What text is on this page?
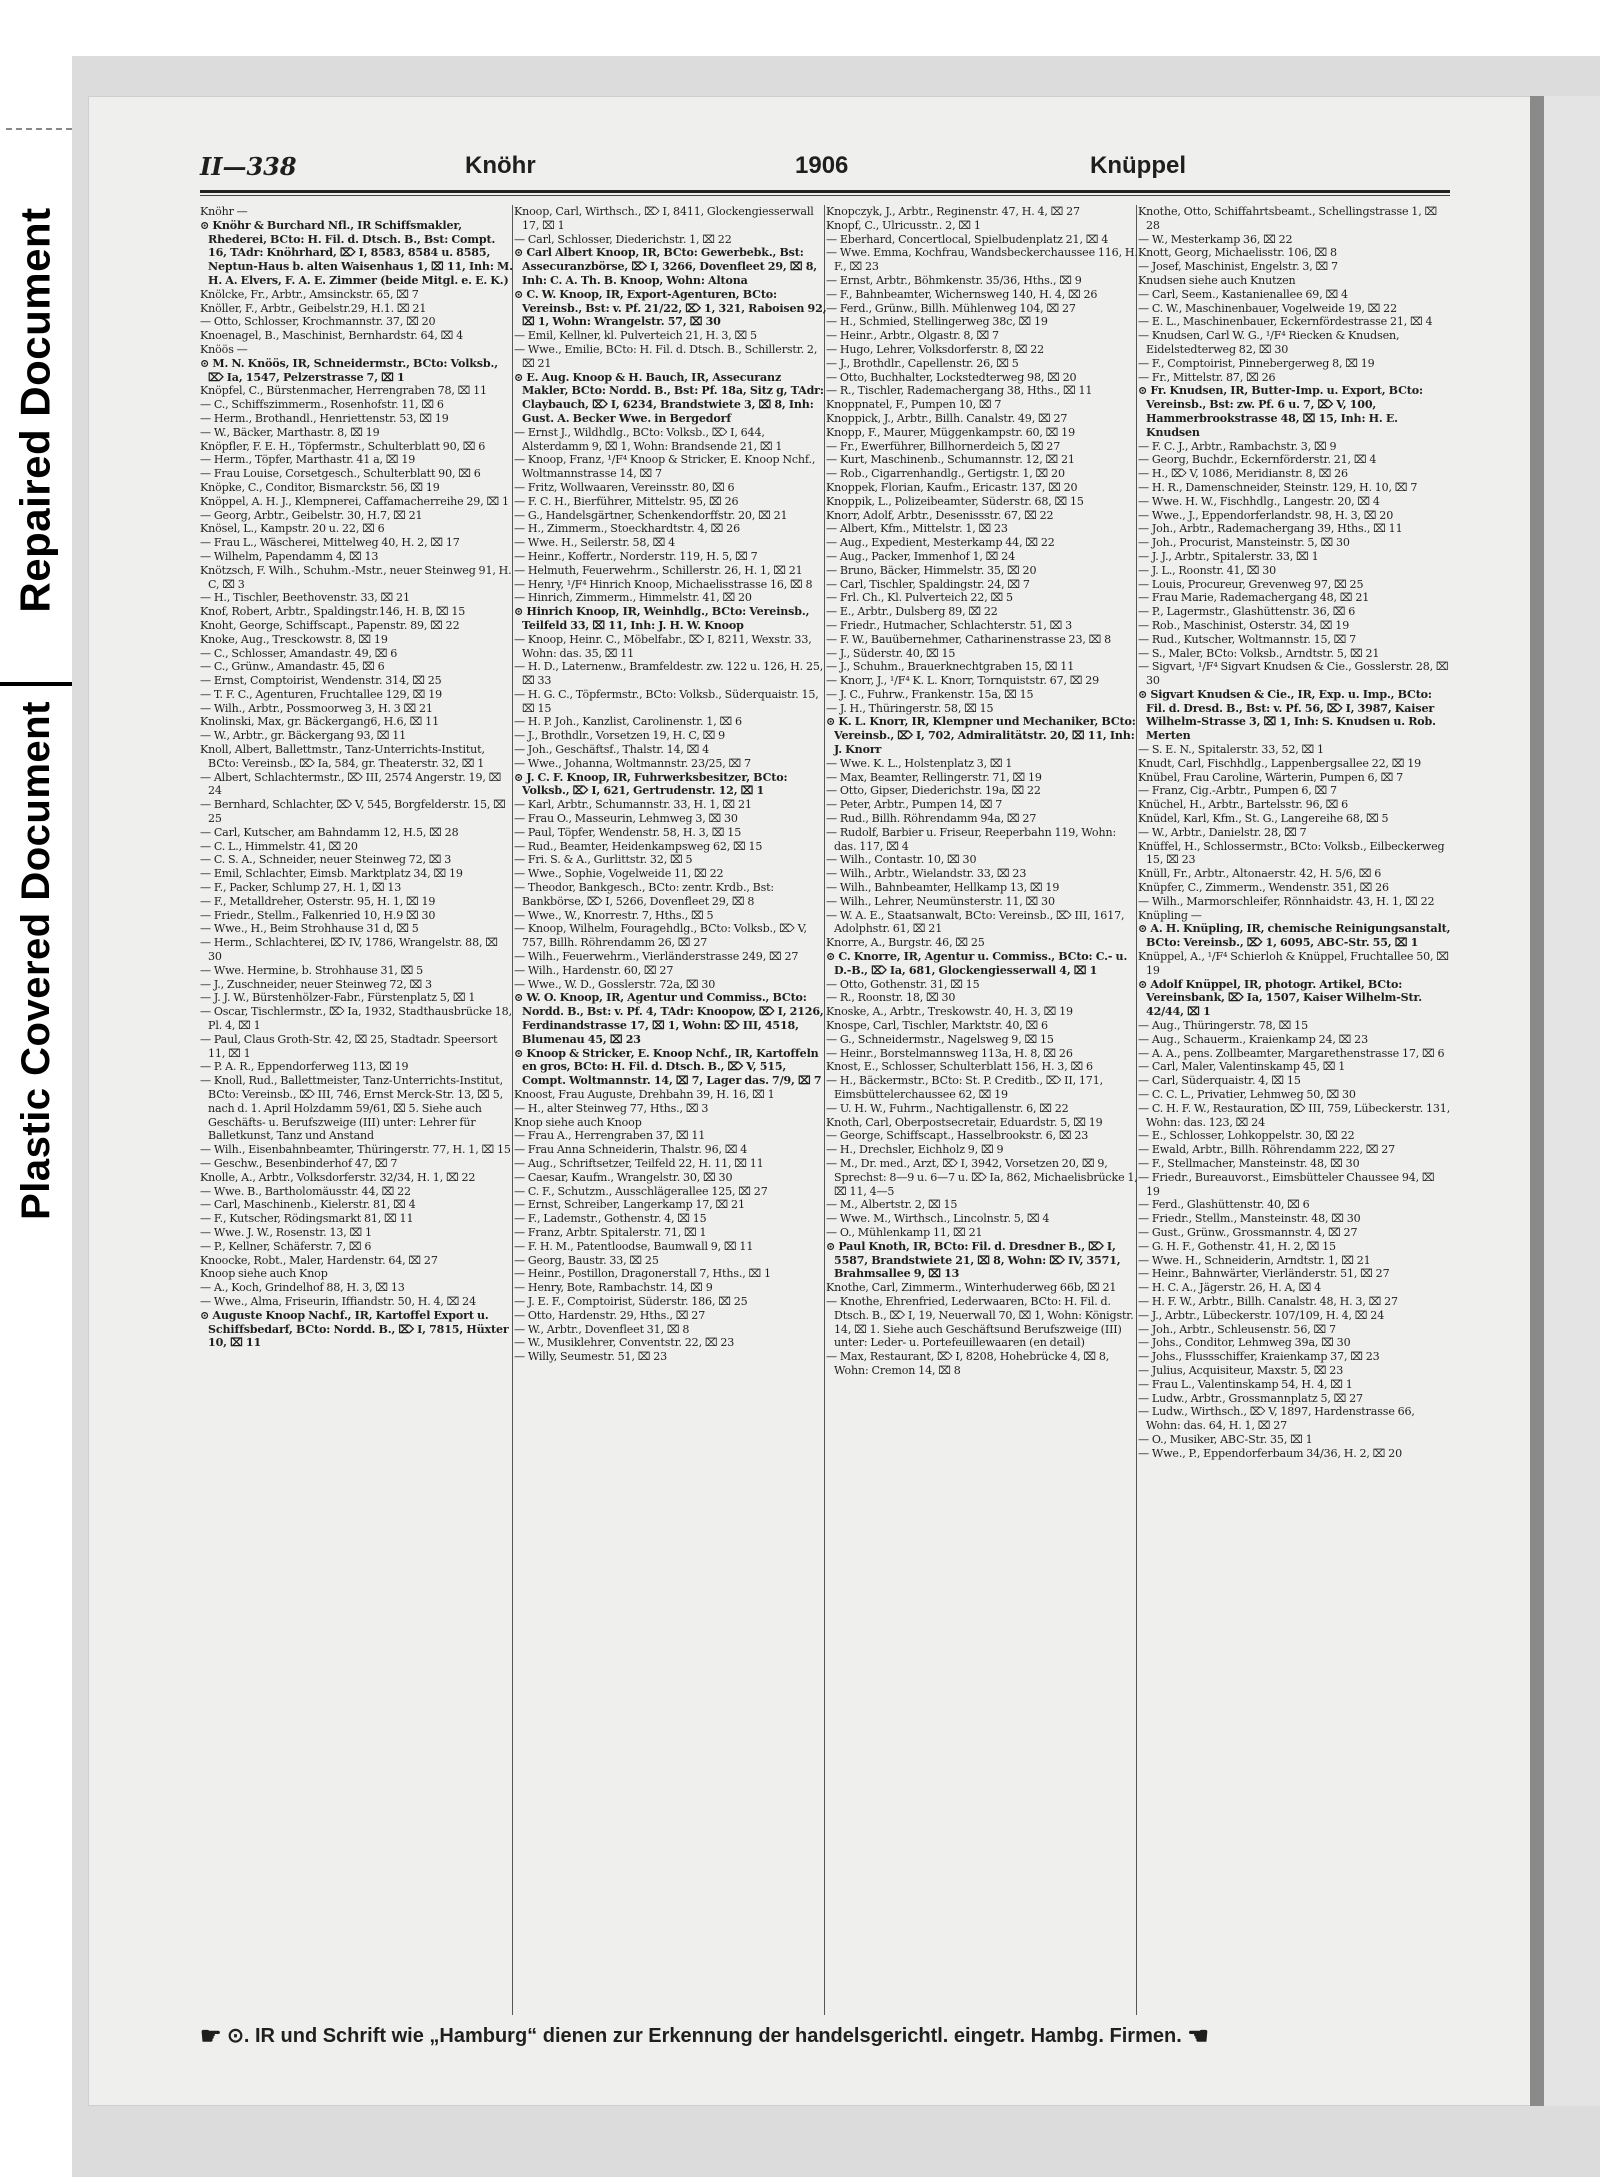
Repaired Document
Plastic Covered Document
II—338	Knöhr	1906	Knüppel

Knöhr —

⊙ Knöhr & Burchard Nfl., IR Schiffsmakler, Rhederei, BCto: H. Fil. d. Dtsch. B., Bst: Compt. 16, TAdr: Knöhrhard, ⌦ I, 8583, 8584 u. 8585, Neptun-Haus b. alten Waisenhaus 1, ⌧ 11, Inh: M. H. A. Elvers, F. A. E. Zimmer (beide Mitgl. e. E. K.)

Knölcke, Fr., Arbtr., Amsinckstr. 65, ⌧ 7

Knöller, F., Arbtr., Geibelstr.29, H.1. ⌧ 21

— Otto, Schlosser, Krochmannstr. 37, ⌧ 20

Knoenagel, B., Maschinist, Bernhardstr. 64, ⌧ 4

Knöös —

⊙ M. N. Knöös, IR, Schneidermstr., BCto: Volksb., ⌦ Ia, 1547, Pelzerstrasse 7, ⌧ 1

Knöpfel, C., Bürstenmacher, Herrengraben 78, ⌧ 11

— C., Schiffszimmerm., Rosenhofstr. 11, ⌧ 6

— Herm., Brothandl., Henriettenstr. 53, ⌧ 19

— W., Bäcker, Marthastr. 8, ⌧ 19

Knöpfler, F. E. H., Töpfermstr., Schulterblatt 90, ⌧ 6

— Herm., Töpfer, Marthastr. 41 a, ⌧ 19

— Frau Louise, Corsetgesch., Schulterblatt 90, ⌧ 6

Knöpke, C., Conditor, Bismarckstr. 56, ⌧ 19

Knöppel, A. H. J., Klempnerei, Caffamacherreihe 29, ⌧ 1

— Georg, Arbtr., Geibelstr. 30, H.7, ⌧ 21

Knösel, L., Kampstr. 20 u. 22, ⌧ 6

— Frau L., Wäscherei, Mittelweg 40, H. 2, ⌧ 17

— Wilhelm, Papendamm 4, ⌧ 13

Knötzsch, F. Wilh., Schuhm.-Mstr., neuer Steinweg 91, H. C, ⌧ 3

— H., Tischler, Beethovenstr. 33, ⌧ 21

Knof, Robert, Arbtr., Spaldingstr.146, H. B, ⌧ 15

Knoht, George, Schiffscapt., Papenstr. 89, ⌧ 22

Knoke, Aug., Tresckowstr. 8, ⌧ 19

— C., Schlosser, Amandastr. 49, ⌧ 6

— C., Grünw., Amandastr. 45, ⌧ 6

— Ernst, Comptoirist, Wendenstr. 314, ⌧ 25

— T. F. C., Agenturen, Fruchtallee 129, ⌧ 19

— Wilh., Arbtr., Possmoorweg 3, H. 3 ⌧ 21

Knolinski, Max, gr. Bäckergang6, H.6, ⌧ 11

— W., Arbtr., gr. Bäckergang 93, ⌧ 11

Knoll, Albert, Ballettmstr., Tanz-Unterrichts-Institut, BCto: Vereinsb., ⌦ Ia, 584, gr. Theaterstr. 32, ⌧ 1

— Albert, Schlachtermstr., ⌦ III, 2574 Angerstr. 19, ⌧ 24

— Bernhard, Schlachter, ⌦ V, 545, Borgfelderstr. 15, ⌧ 25

— Carl, Kutscher, am Bahndamm 12, H.5, ⌧ 28

— C. L., Himmelstr. 41, ⌧ 20

— C. S. A., Schneider, neuer Steinweg 72, ⌧ 3

— Emil, Schlachter, Eimsb. Marktplatz 34, ⌧ 19

— F., Packer, Schlump 27, H. 1, ⌧ 13

— F., Metalldreher, Osterstr. 95, H. 1, ⌧ 19

— Friedr., Stellm., Falkenried 10, H.9 ⌧ 30

— Wwe., H., Beim Strohhause 31 d, ⌧ 5

— Herm., Schlachterei, ⌦ IV, 1786, Wrangelstr. 88, ⌧ 30

— Wwe. Hermine, b. Strohhause 31, ⌧ 5

— J., Zuschneider, neuer Steinweg 72, ⌧ 3

— J. J. W., Bürstenhölzer-Fabr., Fürstenplatz 5, ⌧ 1

— Oscar, Tischlermstr., ⌦ Ia, 1932, Stadthausbrücke 18, Pl. 4, ⌧ 1

— Paul, Claus Groth-Str. 42, ⌧ 25, Stadtadr. Speersort 11, ⌧ 1

— P. A. R., Eppendorferweg 113, ⌧ 19

— Knoll, Rud., Ballettmeister, Tanz-Unterrichts-Institut, BCto: Vereinsb., ⌦ III, 746, Ernst Merck-Str. 13, ⌧ 5, nach d. 1. April Holzdamm 59/61, ⌧ 5. Siehe auch Geschäfts- u. Berufszweige (III) unter: Lehrer für Balletkunst, Tanz und Anstand

— Wilh., Eisenbahnbeamter, Thüringerstr. 77, H. 1, ⌧ 15

— Geschw., Besenbinderhof 47, ⌧ 7

Knolle, A., Arbtr., Volksdorferstr. 32/34, H. 1, ⌧ 22

— Wwe. B., Bartholomäusstr. 44, ⌧ 22

— Carl, Maschinenb., Kielerstr. 81, ⌧ 4

— F., Kutscher, Rödingsmarkt 81, ⌧ 11

— Wwe. J. W., Rosenstr. 13, ⌧ 1

— P., Kellner, Schäferstr. 7, ⌧ 6

Knoocke, Robt., Maler, Hardenstr. 64, ⌧ 27

Knoop siehe auch Knop

— A., Koch, Grindelhof 88, H. 3, ⌧ 13

— Wwe., Alma, Friseurin, Iffiandstr. 50, H. 4, ⌧ 24

⊙ Auguste Knoop Nachf., IR, Kartoffel Export u. Schiffsbedarf, BCto: Nordd. B., ⌦ I, 7815, Hüxter 10, ⌧ 11

Knoop, Carl, Wirthsch., ⌦ I, 8411, Glockengiesserwall 17, ⌧ 1

— Carl, Schlosser, Diederichstr. 1, ⌧ 22

⊙ Carl Albert Knoop, IR, BCto: Gewerbebk., Bst: Assecuranzbörse, ⌦ I, 3266, Dovenfleet 29, ⌧ 8, Inh: C. A. Th. B. Knoop, Wohn: Altona

⊙ C. W. Knoop, IR, Export-Agenturen, BCto: Vereinsb., Bst: v. Pf. 21/22, ⌦ 1, 321, Raboisen 92, ⌧ 1, Wohn: Wrangelstr. 57, ⌧ 30

— Emil, Kellner, kl. Pulverteich 21, H. 3, ⌧ 5

— Wwe., Emilie, BCto: H. Fil. d. Dtsch. B., Schillerstr. 2, ⌧ 21

⊙ E. Aug. Knoop & H. Bauch, IR, Assecuranz Makler, BCto: Nordd. B., Bst: Pf. 18a, Sitz g, TAdr: Claybauch, ⌦ I, 6234, Brandstwiete 3, ⌧ 8, Inh: Gust. A. Becker Wwe. in Bergedorf

— Ernst J., Wildhdlg., BCto: Volksb., ⌦ I, 644, Alsterdamm 9, ⌧ 1, Wohn: Brandsende 21, ⌧ 1

— Knoop, Franz, ¹/F⁴ Knoop & Stricker, E. Knoop Nchf., Woltmannstrasse 14, ⌧ 7

— Fritz, Wollwaaren, Vereinsstr. 80, ⌧ 6

— F. C. H., Bierführer, Mittelstr. 95, ⌧ 26

— G., Handelsgärtner, Schenkendorffstr. 20, ⌧ 21

— H., Zimmerm., Stoeckhardtstr. 4, ⌧ 26

— Wwe. H., Seilerstr. 58, ⌧ 4

— Heinr., Koffertr., Norderstr. 119, H. 5, ⌧ 7

— Helmuth, Feuerwehrm., Schillerstr. 26, H. 1, ⌧ 21

— Henry, ¹/F⁴ Hinrich Knoop, Michaelisstrasse 16, ⌧ 8

— Hinrich, Zimmerm., Himmelstr. 41, ⌧ 20

⊙ Hinrich Knoop, IR, Weinhdlg., BCto: Vereinsb., Teilfeld 33, ⌧ 11, Inh: J. H. W. Knoop

— Knoop, Heinr. C., Möbelfabr., ⌦ I, 8211, Wexstr. 33, Wohn: das. 35, ⌧ 11

— H. D., Laternenw., Bramfeldestr. zw. 122 u. 126, H. 25, ⌧ 33

— H. G. C., Töpfermstr., BCto: Volksb., Süderquaistr. 15, ⌧ 15

— H. P. Joh., Kanzlist, Carolinenstr. 1, ⌧ 6

— J., Brothdlr., Vorsetzen 19, H. C, ⌧ 9

— Joh., Geschäftsf., Thalstr. 14, ⌧ 4

— Wwe., Johanna, Woltmannstr. 23/25, ⌧ 7

⊙ J. C. F. Knoop, IR, Fuhrwerksbesitzer, BCto: Volksb., ⌦ I, 621, Gertrudenstr. 12, ⌧ 1

— Karl, Arbtr., Schumannstr. 33, H. 1, ⌧ 21

— Frau O., Masseurin, Lehmweg 3, ⌧ 30

— Paul, Töpfer, Wendenstr. 58, H. 3, ⌧ 15

— Rud., Beamter, Heidenkampsweg 62, ⌧ 15

— Fri. S. & A., Gurlittstr. 32, ⌧ 5

— Wwe., Sophie, Vogelweide 11, ⌧ 22

— Theodor, Bankgesch., BCto: zentr. Krdb., Bst: Bankbörse, ⌦ I, 5266, Dovenfleet 29, ⌧ 8

— Wwe., W., Knorrestr. 7, Hths., ⌧ 5

— Knoop, Wilhelm, Fouragehdlg., BCto: Volksb., ⌦ V, 757, Billh. Röhrendamm 26, ⌧ 27

— Wilh., Feuerwehrm., Vierländerstrasse 249, ⌧ 27

— Wilh., Hardenstr. 60, ⌧ 27

— Wwe., W. D., Gosslerstr. 72a, ⌧ 30

⊙ W. O. Knoop, IR, Agentur und Commiss., BCto: Nordd. B., Bst: v. Pf. 4, TAdr: Knoopow, ⌦ I, 2126, Ferdinandstrasse 17, ⌧ 1, Wohn: ⌦ III, 4518, Blumenau 45, ⌧ 23

⊙ Knoop & Stricker, E. Knoop Nchf., IR, Kartoffeln en gros, BCto: H. Fil. d. Dtsch. B., ⌦ V, 515, Compt. Woltmannstr. 14, ⌧ 7, Lager das. 7/9, ⌧ 7

Knoost, Frau Auguste, Drehbahn 39, H. 16, ⌧ 1

— H., alter Steinweg 77, Hths., ⌧ 3

Knop siehe auch Knoop

— Frau A., Herrengraben 37, ⌧ 11

— Frau Anna Schneiderin, Thalstr. 96, ⌧ 4

— Aug., Schriftsetzer, Teilfeld 22, H. 11, ⌧ 11

— Caesar, Kaufm., Wrangelstr. 30, ⌧ 30

— C. F., Schutzm., Ausschlägerallee 125, ⌧ 27

— Ernst, Schreiber, Langerkamp 17, ⌧ 21

— F., Lademstr., Gothenstr. 4, ⌧ 15

— Franz, Arbtr. Spitalerstr. 71, ⌧ 1

— F. H. M., Patentloodse, Baumwall 9, ⌧ 11

— Georg, Baustr. 33, ⌧ 25

— Heinr., Postillon, Dragonerstall 7, Hths., ⌧ 1

— Henry, Bote, Rambachstr. 14, ⌧ 9

— J. E. F., Comptoirist, Süderstr. 186, ⌧ 25

— Otto, Hardenstr. 29, Hths., ⌧ 27

— W., Arbtr., Dovenfleet 31, ⌧ 8

— W., Musiklehrer, Conventstr. 22, ⌧ 23

— Willy, Seumestr. 51, ⌧ 23

Knopczyk, J., Arbtr., Reginenstr. 47, H. 4, ⌧ 27

Knopf, C., Ulricusstr.. 2, ⌧ 1

— Eberhard, Concertlocal, Spielbudenplatz 21, ⌧ 4

— Wwe. Emma, Kochfrau, Wandsbeckerchaussee 116, H. F., ⌧ 23

— Ernst, Arbtr., Böhmkenstr. 35/36, Hths., ⌧ 9

— F., Bahnbeamter, Wichernsweg 140, H. 4, ⌧ 26

— Ferd., Grünw., Billh. Mühlenweg 104, ⌧ 27

— H., Schmied, Stellingerweg 38c, ⌧ 19

— Heinr., Arbtr., Olgastr. 8, ⌧ 7

— Hugo, Lehrer, Volksdorferstr. 8, ⌧ 22

— J., Brothdlr., Capellenstr. 26, ⌧ 5

— Otto, Buchhalter, Lockstedterweg 98, ⌧ 20

— R., Tischler, Rademachergang 38, Hths., ⌧ 11

Knoppnatel, F., Pumpen 10, ⌧ 7

Knoppick, J., Arbtr., Billh. Canalstr. 49, ⌧ 27

Knopp, F., Maurer, Müggenkampstr. 60, ⌧ 19

— Fr., Ewerführer, Billhornerdeich 5, ⌧ 27

— Kurt, Maschinenb., Schumannstr. 12, ⌧ 21

— Rob., Cigarrenhandlg., Gertigstr. 1, ⌧ 20

Knoppek, Florian, Kaufm., Ericastr. 137, ⌧ 20

Knoppik, L., Polizeibeamter, Süderstr. 68, ⌧ 15

Knorr, Adolf, Arbtr., Desenissstr. 67, ⌧ 22

— Albert, Kfm., Mittelstr. 1, ⌧ 23

— Aug., Expedient, Mesterkamp 44, ⌧ 22

— Aug., Packer, Immenhof 1, ⌧ 24

— Bruno, Bäcker, Himmelstr. 35, ⌧ 20

— Carl, Tischler, Spaldingstr. 24, ⌧ 7

— Frl. Ch., Kl. Pulverteich 22, ⌧ 5

— E., Arbtr., Dulsberg 89, ⌧ 22

— Friedr., Hutmacher, Schlachterstr. 51, ⌧ 3

— F. W., Bauübernehmer, Catharinenstrasse 23, ⌧ 8

— J., Süderstr. 40, ⌧ 15

— J., Schuhm., Brauerknechtgraben 15, ⌧ 11

— Knorr, J., ¹/F⁴ K. L. Knorr, Tornquiststr. 67, ⌧ 29

— J. C., Fuhrw., Frankenstr. 15a, ⌧ 15

— J. H., Thüringerstr. 58, ⌧ 15

⊙ K. L. Knorr, IR, Klempner und Mechaniker, BCto: Vereinsb., ⌦ I, 702, Admiralitätstr. 20, ⌧ 11, Inh: J. Knorr

— Wwe. K. L., Holstenplatz 3, ⌧ 1

— Max, Beamter, Rellingerstr. 71, ⌧ 19

— Otto, Gipser, Diederichstr. 19a, ⌧ 22

— Peter, Arbtr., Pumpen 14, ⌧ 7

— Rud., Billh. Röhrendamm 94a, ⌧ 27

— Rudolf, Barbier u. Friseur, Reeperbahn 119, Wohn: das. 117, ⌧ 4

— Wilh., Contastr. 10, ⌧ 30

— Wilh., Arbtr., Wielandstr. 33, ⌧ 23

— Wilh., Bahnbeamter, Hellkamp 13, ⌧ 19

— Wilh., Lehrer, Neumünsterstr. 11, ⌧ 30

— W. A. E., Staatsanwalt, BCto: Vereinsb., ⌦ III, 1617, Adolphstr. 61, ⌧ 21

Knorre, A., Burgstr. 46, ⌧ 25

⊙ C. Knorre, IR, Agentur u. Commiss., BCto: C.- u. D.-B., ⌦ Ia, 681, Glockengiesserwall 4, ⌧ 1

— Otto, Gothenstr. 31, ⌧ 15

— R., Roonstr. 18, ⌧ 30

Knoske, A., Arbtr., Treskowstr. 40, H. 3, ⌧ 19

Knospe, Carl, Tischler, Marktstr. 40, ⌧ 6

— G., Schneidermstr., Nagelsweg 9, ⌧ 15

— Heinr., Borstelmannsweg 113a, H. 8, ⌧ 26

Knost, E., Schlosser, Schulterblatt 156, H. 3, ⌧ 6

— H., Bäckermstr., BCto: St. P. Creditb., ⌦ II, 171, Eimsbüttelerchaussee 62, ⌧ 19

— U. H. W., Fuhrm., Nachtigallenstr. 6, ⌧ 22

Knoth, Carl, Oberpostsecretair, Eduardstr. 5, ⌧ 19

— George, Schiffscapt., Hasselbrookstr. 6, ⌧ 23

— H., Drechsler, Eichholz 9, ⌧ 9

— M., Dr. med., Arzt, ⌦ I, 3942, Vorsetzen 20, ⌧ 9, Sprechst: 8—9 u. 6—7 u. ⌦ Ia, 862, Michaelisbrücke 1, ⌧ 11, 4—5

— M., Albertstr. 2, ⌧ 15

— Wwe. M., Wirthsch., Lincolnstr. 5, ⌧ 4

— O., Mühlenkamp 11, ⌧ 21

⊙ Paul Knoth, IR, BCto: Fil. d. Dresdner B., ⌦ I, 5587, Brandstwiete 21, ⌧ 8, Wohn: ⌦ IV, 3571, Brahmsallee 9, ⌧ 13

Knothe, Carl, Zimmerm., Winterhuderweg 66b, ⌧ 21

— Knothe, Ehrenfried, Lederwaaren, BCto: H. Fil. d. Dtsch. B., ⌦ I, 19, Neuerwall 70, ⌧ 1, Wohn: Königstr. 14, ⌧ 1. Siehe auch Geschäftsund Berufszweige (III) unter: Leder- u. Portefeuillewaaren (en detail)

— Max, Restaurant, ⌦ I, 8208, Hohebrücke 4, ⌧ 8, Wohn: Cremon 14, ⌧ 8

Knothe, Otto, Schiffahrtsbeamt., Schellingstrasse 1, ⌧ 28

— W., Mesterkamp 36, ⌧ 22

Knott, Georg, Michaelisstr. 106, ⌧ 8

— Josef, Maschinist, Engelstr. 3, ⌧ 7

Knudsen siehe auch Knutzen

— Carl, Seem., Kastanienallee 69, ⌧ 4

— C. W., Maschinenbauer, Vogelweide 19, ⌧ 22

— E. L., Maschinenbauer, Eckernfördestrasse 21, ⌧ 4

— Knudsen, Carl W. G., ¹/F⁴ Riecken & Knudsen, Eidelstedterweg 82, ⌧ 30

— F., Comptoirist, Pinnebergerweg 8, ⌧ 19

— Fr., Mittelstr. 87, ⌧ 26

⊙ Fr. Knudsen, IR, Butter-Imp. u. Export, BCto: Vereinsb., Bst: zw. Pf. 6 u. 7, ⌦ V, 100, Hammerbrookstrasse 48, ⌧ 15, Inh: H. E. Knudsen

— F. C. J., Arbtr., Rambachstr. 3, ⌧ 9

— Georg, Buchdr., Eckernförderstr. 21, ⌧ 4

— H., ⌦ V, 1086, Meridianstr. 8, ⌧ 26

— H. R., Damenschneider, Steinstr. 129, H. 10, ⌧ 7

— Wwe. H. W., Fischhdlg., Langestr. 20, ⌧ 4

— Wwe., J., Eppendorferlandstr. 98, H. 3, ⌧ 20

— Joh., Arbtr., Rademachergang 39, Hths., ⌧ 11

— Joh., Procurist, Mansteinstr. 5, ⌧ 30

— J. J., Arbtr., Spitalerstr. 33, ⌧ 1

— J. L., Roonstr. 41, ⌧ 30

— Louis, Procureur, Grevenweg 97, ⌧ 25

— Frau Marie, Rademachergang 48, ⌧ 21

— P., Lagermstr., Glashüttenstr. 36, ⌧ 6

— Rob., Maschinist, Osterstr. 34, ⌧ 19

— Rud., Kutscher, Woltmannstr. 15, ⌧ 7

— S., Maler, BCto: Volksb., Arndtstr. 5, ⌧ 21

— Sigvart, ¹/F⁴ Sigvart Knudsen & Cie., Gosslerstr. 28, ⌧ 30

⊙ Sigvart Knudsen & Cie., IR, Exp. u. Imp., BCto: Fil. d. Dresd. B., Bst: v. Pf. 56, ⌦ I, 3987, Kaiser Wilhelm-Strasse 3, ⌧ 1, Inh: S. Knudsen u. Rob. Merten

— S. E. N., Spitalerstr. 33, 52, ⌧ 1

Knudt, Carl, Fischhdlg., Lappenbergsallee 22, ⌧ 19

Knübel, Frau Caroline, Wärterin, Pumpen 6, ⌧ 7

— Franz, Cig.-Arbtr., Pumpen 6, ⌧ 7

Knüchel, H., Arbtr., Bartelsstr. 96, ⌧ 6

Knüdel, Karl, Kfm., St. G., Langereihe 68, ⌧ 5

— W., Arbtr., Danielstr. 28, ⌧ 7

Knüffel, H., Schlossermstr., BCto: Volksb., Eilbeckerweg 15, ⌧ 23

Knüll, Fr., Arbtr., Altonaerstr. 42, H. 5/6, ⌧ 6

Knüpfer, C., Zimmerm., Wendenstr. 351, ⌧ 26

— Wilh., Marmorschleifer, Rönnhaidstr. 43, H. 1, ⌧ 22

Knüpling —

⊙ A. H. Knüpling, IR, chemische Reinigungsanstalt, BCto: Vereinsb., ⌦ 1, 6095, ABC-Str. 55, ⌧ 1

Knüppel, A., ¹/F⁴ Schierloh & Knüppel, Fruchtallee 50, ⌧ 19

⊙ Adolf Knüppel, IR, photogr. Artikel, BCto: Vereinsbank, ⌦ Ia, 1507, Kaiser Wilhelm-Str. 42/44, ⌧ 1

— Aug., Thüringerstr. 78, ⌧ 15

— Aug., Schauerm., Kraienkamp 24, ⌧ 23

— A. A., pens. Zollbeamter, Margarethenstrasse 17, ⌧ 6

— Carl, Maler, Valentinskamp 45, ⌧ 1

— Carl, Süderquaistr. 4, ⌧ 15

— C. C. L., Privatier, Lehmweg 50, ⌧ 30

— C. H. F. W., Restauration, ⌦ III, 759, Lübeckerstr. 131, Wohn: das. 123, ⌧ 24

— E., Schlosser, Lohkoppelstr. 30, ⌧ 22

— Ewald, Arbtr., Billh. Röhrendamm 222, ⌧ 27

— F., Stellmacher, Mansteinstr. 48, ⌧ 30

— Friedr., Bureauvorst., Eimsbütteler Chaussee 94, ⌧ 19

— Ferd., Glashüttenstr. 40, ⌧ 6

— Friedr., Stellm., Mansteinstr. 48, ⌧ 30

— Gust., Grünw., Grossmannstr. 4, ⌧ 27

— G. H. F., Gothenstr. 41, H. 2, ⌧ 15

— Wwe. H., Schneiderin, Arndtstr. 1, ⌧ 21

— Heinr., Bahnwärter, Vierländerstr. 51, ⌧ 27

— H. C. A., Jägerstr. 26, H. A, ⌧ 4

— H. F. W., Arbtr., Billh. Canalstr. 48, H. 3, ⌧ 27

— J., Arbtr., Lübeckerstr. 107/109, H. 4, ⌧ 24

— Joh., Arbtr., Schleusenstr. 56, ⌧ 7

— Johs., Conditor, Lehmweg 39a, ⌧ 30

— Johs., Flussschiffer, Kraienkamp 37, ⌧ 23

— Julius, Acquisiteur, Maxstr. 5, ⌧ 23

— Frau L., Valentinskamp 54, H. 4, ⌧ 1

— Ludw., Arbtr., Grossmannplatz 5, ⌧ 27

— Ludw., Wirthsch., ⌦ V, 1897, Hardenstrasse 66, Wohn: das. 64, H. 1, ⌧ 27

— O., Musiker, ABC-Str. 35, ⌧ 1

— Wwe., P., Eppendorferbaum 34/36, H. 2, ⌧ 20

☛ ⊙. IR und Schrift wie „Hamburg“ dienen zur Erkennung der handelsgerichtl. eingetr. Hambg. Firmen. ☚
